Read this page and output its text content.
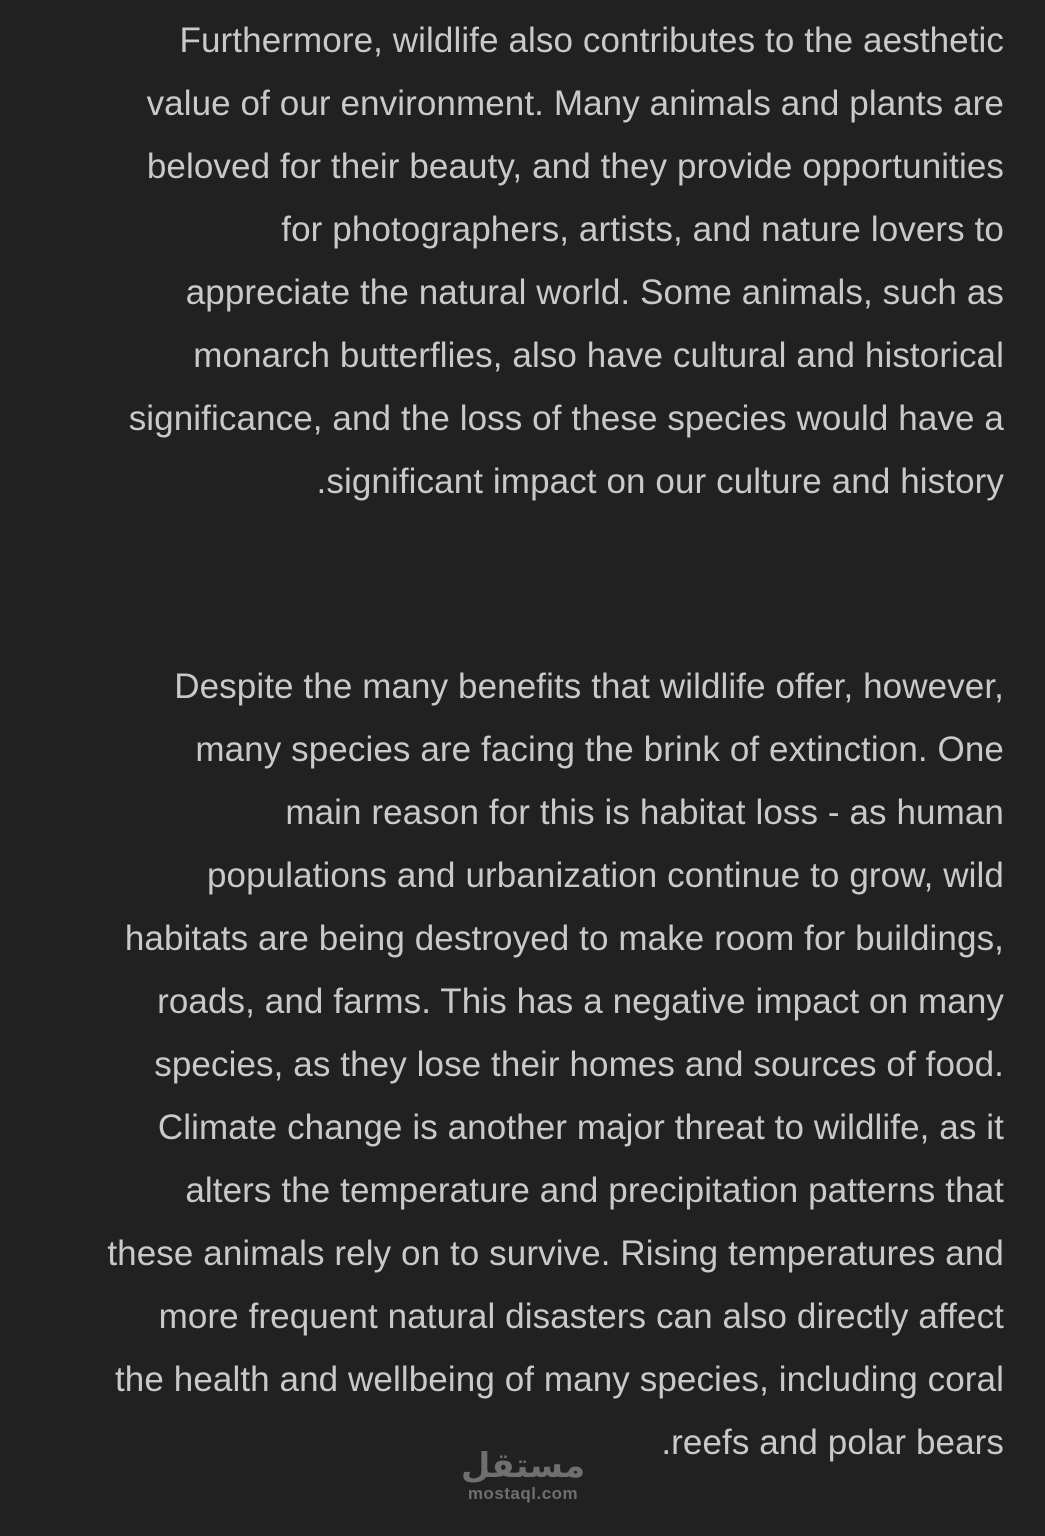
Furthermore, wildlife also contributes to the aesthetic
value of our environment. Many animals and plants are
beloved for their beauty, and they provide opportunities
for photographers, artists, and nature lovers to
appreciate the natural world. Some animals, such as
monarch butterflies, also have cultural and historical
significance, and the loss of these species would have a
.significant impact on our culture and history
Despite the many benefits that wildlife offer, however,
many species are facing the brink of extinction. One
main reason for this is habitat loss - as human
populations and urbanization continue to grow, wild
habitats are being destroyed to make room for buildings,
roads, and farms. This has a negative impact on many
species, as they lose their homes and sources of food.
Climate change is another major threat to wildlife, as it
alters the temperature and precipitation patterns that
these animals rely on to survive. Rising temperatures and
more frequent natural disasters can also directly affect
the health and wellbeing of many species, including coral
.reefs and polar bears
مستقل
mostaql.com
